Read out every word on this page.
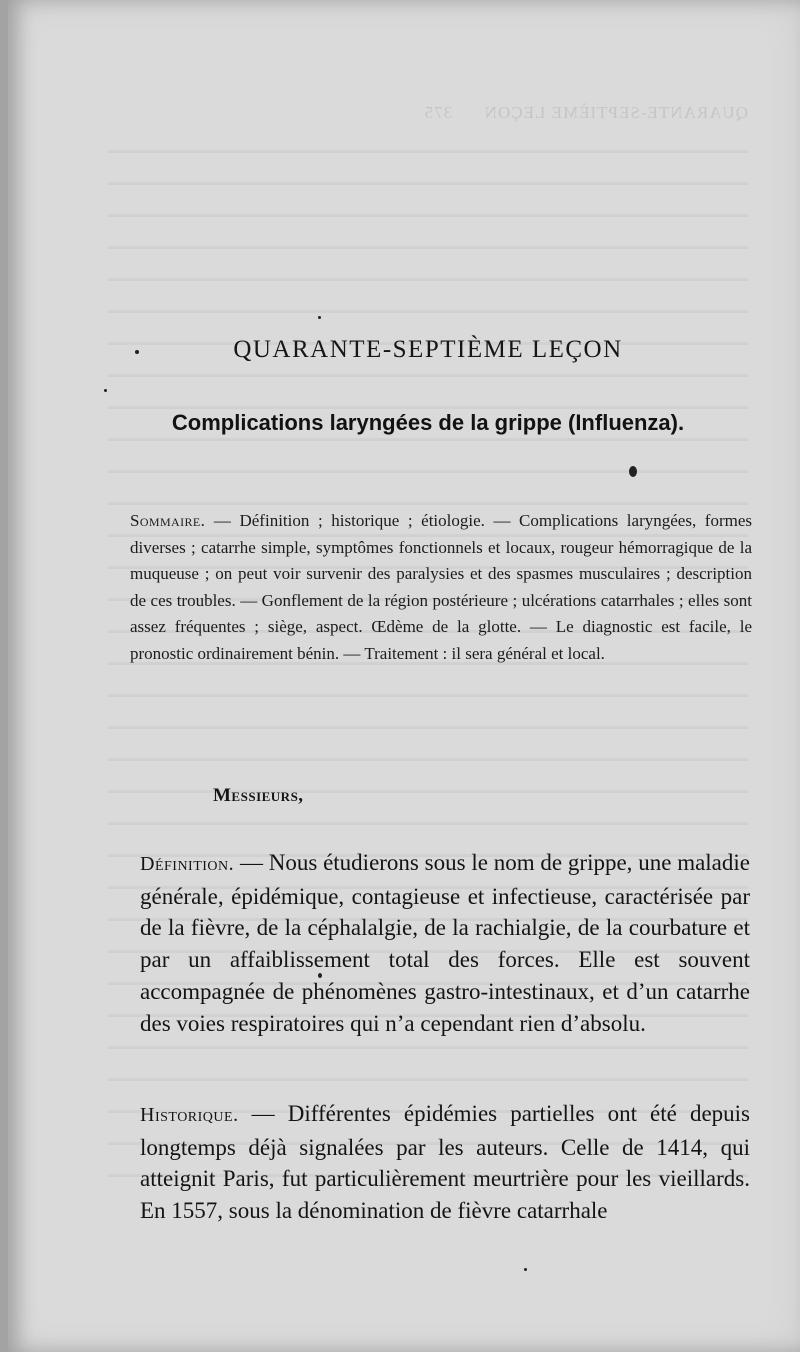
QUARANTE-SEPTIÈME LEÇON      375
QUARANTE-SEPTIÈME LEÇON
Complications laryngées de la grippe (Influenza).
Sommaire. — Définition ; historique ; étiologie. — Complications laryngées, formes diverses ; catarrhe simple, symptômes fonctionnels et locaux, rougeur hémorragique de la muqueuse ; on peut voir survenir des paralysies et des spasmes musculaires ; description de ces troubles. — Gonflement de la région postérieure ; ulcérations catarrhales ; elles sont assez fréquentes ; siège, aspect. Œdème de la glotte. — Le diagnostic est facile, le pronostic ordinairement bénin. — Traitement : il sera général et local.
Messieurs,
Définition. — Nous étudierons sous le nom de grippe, une maladie générale, épidémique, contagieuse et infectieuse, caractérisée par de la fièvre, de la céphalalgie, de la rachialgie, de la courbature et par un affaiblissement total des forces. Elle est souvent accompagnée de phénomènes gastro-intestinaux, et d’un catarrhe des voies respiratoires qui n’a cependant rien d’absolu.
Historique. — Différentes épidémies partielles ont été depuis longtemps déjà signalées par les auteurs. Celle de 1414, qui atteignit Paris, fut particulièrement meurtrière pour les vieillards. En 1557, sous la dénomination de fièvre catarrhale
